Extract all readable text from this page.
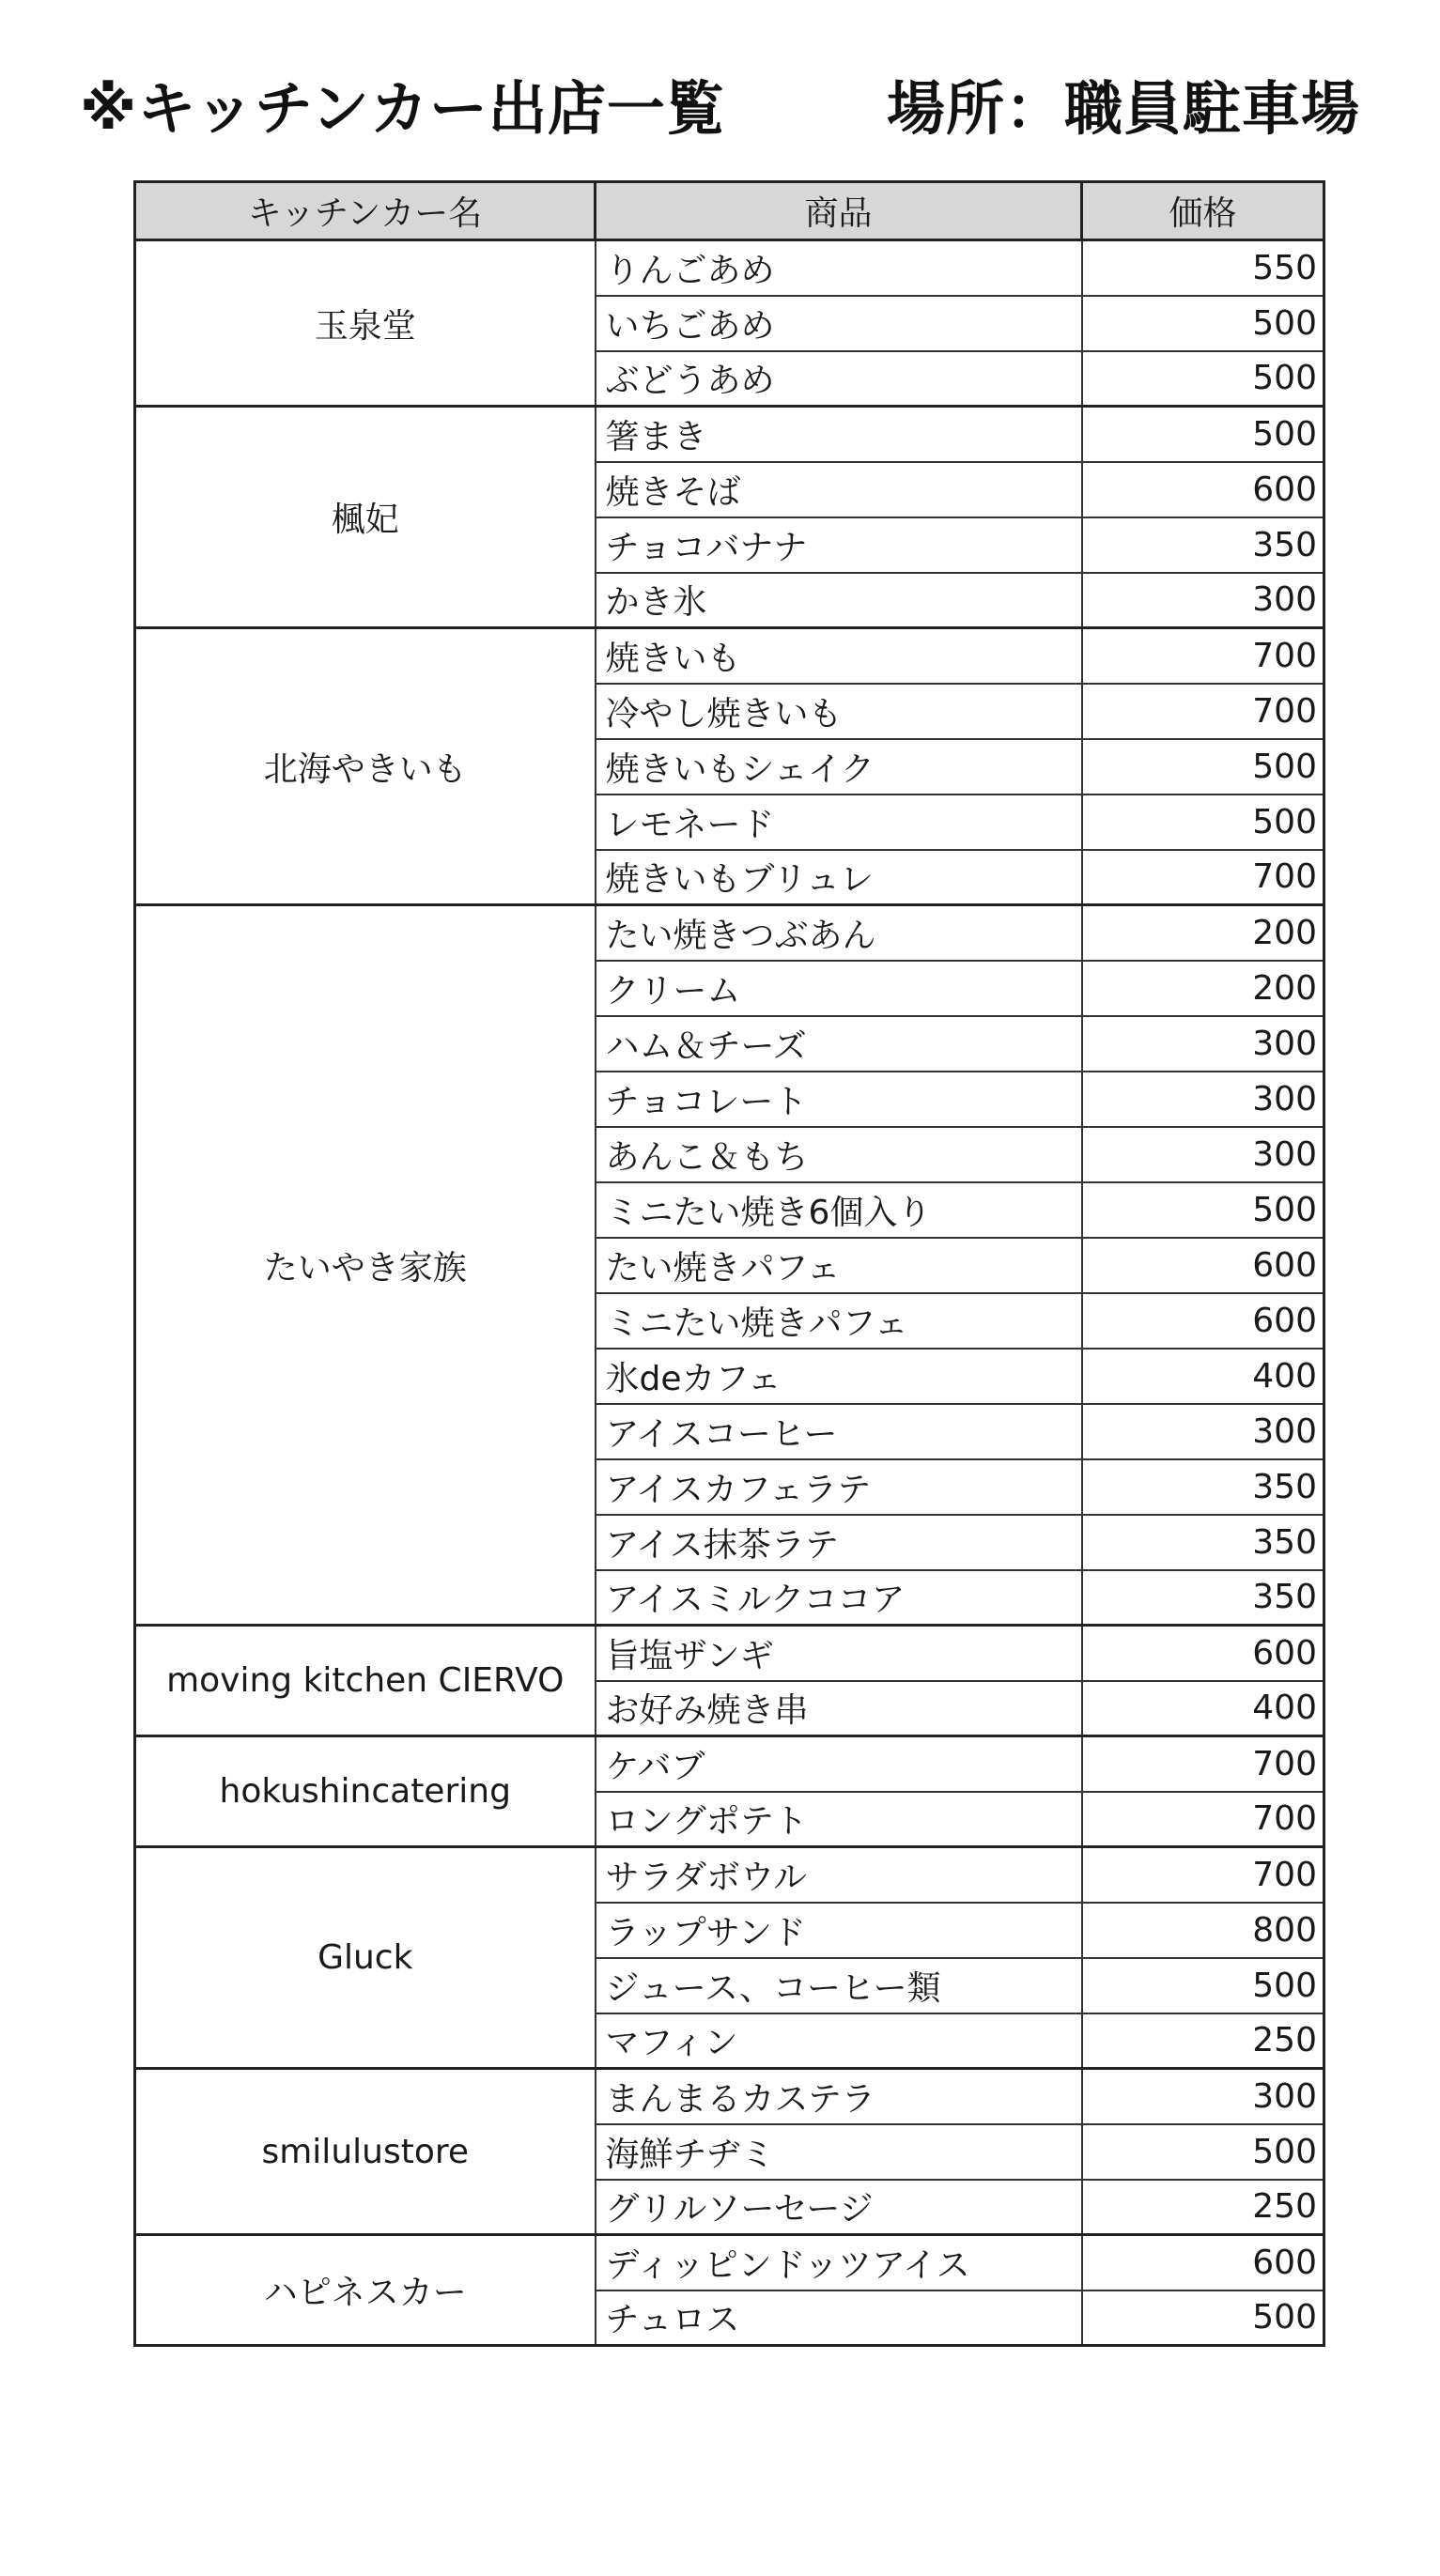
※キッチンカー出店一覧	場所：職員駐車場
キッチンカー名	商品	価格
玉泉堂	りんごあめ	550
	いちごあめ	500
	ぶどうあめ	500
楓妃	箸まき	500
	焼きそば	600
	チョコバナナ	350
	かき氷	300
北海やきいも	焼きいも	700
	冷やし焼きいも	700
	焼きいもシェイク	500
	レモネード	500
	焼きいもブリュレ	700
たいやき家族	たい焼きつぶあん	200
	クリーム	200
	ハム＆チーズ	300
	チョコレート	300
	あんこ＆もち	300
	ミニたい焼き6個入り	500
	たい焼きパフェ	600
	ミニたい焼きパフェ	600
	氷deカフェ	400
	アイスコーヒー	300
	アイスカフェラテ	350
	アイス抹茶ラテ	350
	アイスミルクココア	350
moving kitchen CIERVO	旨塩ザンギ	600
	お好み焼き串	400
hokushincatering	ケバブ	700
	ロングポテト	700
Gluck	サラダボウル	700
	ラップサンド	800
	ジュース、コーヒー類	500
	マフィン	250
smilulustore	まんまるカステラ	300
	海鮮チヂミ	500
	グリルソーセージ	250
ハピネスカー	ディッピンドッツアイス	600
	チュロス	500
